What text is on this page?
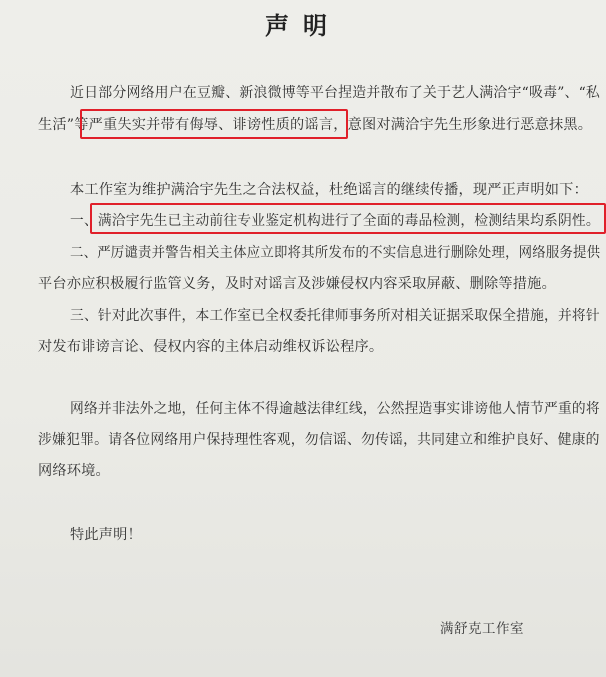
声明
近日部分网络用户在豆瓣、新浪微博等平台捏造并散布了关于艺人满洽宇“吸毒”、“私
生活”等严重失实并带有侮辱、诽谤性质的谣言，意图对满洽宇先生形象进行恶意抹黑。
本工作室为维护满洽宇先生之合法权益，杜绝谣言的继续传播，现严正声明如下：
一、满洽宇先生已主动前往专业鉴定机构进行了全面的毒品检测，检测结果均系阴性。
二、严厉谴责并警告相关主体应立即将其所发布的不实信息进行删除处理，网络服务提供
平台亦应积极履行监管义务，及时对谣言及涉嫌侵权内容采取屏蔽、删除等措施。
三、针对此次事件，本工作室已全权委托律师事务所对相关证据采取保全措施，并将针
对发布诽谤言论、侵权内容的主体启动维权诉讼程序。
网络并非法外之地，任何主体不得逾越法律红线，公然捏造事实诽谤他人情节严重的将
涉嫌犯罪。请各位网络用户保持理性客观，勿信谣、勿传谣，共同建立和维护良好、健康的
网络环境。
特此声明！
满舒克工作室
